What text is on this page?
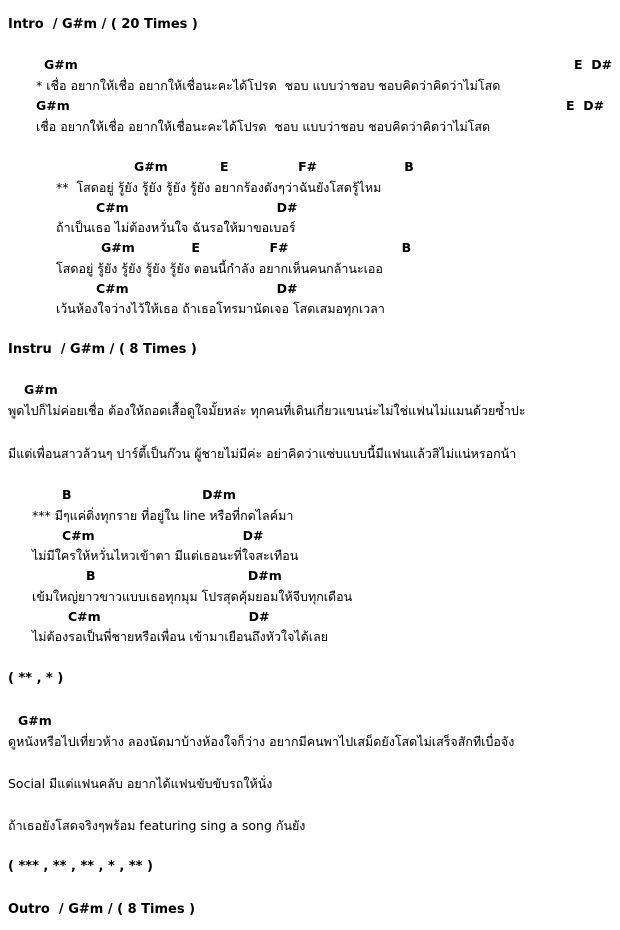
Intro  / G#m / ( 20 Times )
G#m	E  D#
* เชื่อ อยากให้เชื่อ อยากให้เชื่อนะคะได้โปรด  ชอบ แบบว่าชอบ ชอบคิดว่าคิดว่าไม่โสด
G#m	E  D#
เชื่อ อยากให้เชื่อ อยากให้เชื่อนะคะได้โปรด  ชอบ แบบว่าชอบ ชอบคิดว่าคิดว่าไม่โสด
G#m            E                F#                    B
**  โสดอยู่ รู้ยัง รู้ยัง รู้ยัง รู้ยัง อยากร้องดังๆว่าฉันยังโสดรู้ไหม
C#m                                  D#
ถ้าเป็นเธอ ไม่ต้องหวั่นใจ ฉันรอให้มาขอเบอร์
G#m             E                F#                          B
โสดอยู่ รู้ยัง รู้ยัง รู้ยัง รู้ยัง ตอนนี้กำลัง อยากเห็นคนกล้านะเออ
C#m                                  D#
เว้นห้องใจว่างไว้ให้เธอ ถ้าเธอโทรมานัดเจอ โสดเสมอทุกเวลา
Instru  / G#m / ( 8 Times )
G#m
พูดไปก็ไม่ค่อยเชื่อ ต้องให้ถอดเสื้อดูใจมั้ยหล่ะ ทุกคนที่เดินเกี่ยวแขนน่ะไม่ใช่แฟนไม่แมนด้วยซ้ำปะ
มีแต่เพื่อนสาวล้วนๆ ปาร์ตี้เป็นก๊วน ผู้ชายไม่มีค่ะ อย่าคิดว่าแซ่บแบบนี้มีแฟนแล้วสิไม่แน่หรอกน้า
B                              D#m
*** มีๆแค่ติ่งทุกราย ที่อยู่ใน line หรือที่กดไลค์มา
C#m                                  D#
ไม่มีใครให้หวั่นไหวเข้าตา มีแต่เธอนะที่ใจสะเทือน
B                                   D#m
เข้มใหญ่ยาวขาวแบบเธอทุกมุม โปรสุดคุ้มยอมให้จีบทุกเดือน
C#m                                  D#
ไม่ต้องรอเป็นพี่ชายหรือเพื่อน เข้ามาเยือนถึงหัวใจได้เลย
( ** , * )
G#m
ดูหนังหรือไปเที่ยวห้าง ลองนัดมาบ้างห้องใจก็ว่าง อยากมีคนพาไปเสม็ดยังโสดไม่เสร็จสักทีเบื่อจัง
Social มีแต่แฟนคลับ อยากได้แฟนขับขับรถให้นั่ง
ถ้าเธอยังโสดจริงๆพร้อม featuring sing a song กันยัง
( *** , ** , ** , * , ** )
Outro  / G#m / ( 8 Times )
